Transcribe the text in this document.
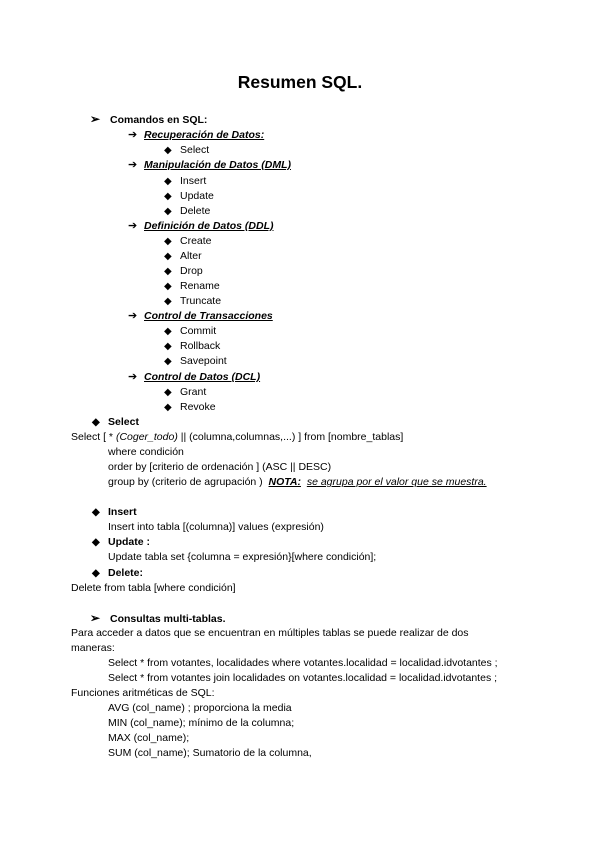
Resumen SQL.
➢ Comandos en SQL:
➔ Recuperación de Datos:
◆ Select
➔ Manipulación de Datos (DML)
◆ Insert
◆ Update
◆ Delete
➔ Definición de Datos (DDL)
◆ Create
◆ Alter
◆ Drop
◆ Rename
◆ Truncate
➔ Control de Transacciones
◆ Commit
◆ Rollback
◆ Savepoint
➔ Control de Datos (DCL)
◆ Grant
◆ Revoke
◆ Select
Select [ * (Coger_todo) || (columna,columnas,...) ] from [nombre_tablas]
where condición
order by [criterio de ordenación ] (ASC || DESC)
group by (criterio de agrupación ) NOTA: se agrupa por el valor que se muestra.
◆ Insert
Insert into tabla [(columna)] values (expresión)
◆ Update :
Update tabla set {columna = expresión}[where condición];
◆ Delete:
Delete from tabla [where condición]
➢ Consultas multi-tablas.
Para acceder a datos que se encuentran en múltiples tablas se puede realizar de dos
maneras:
Select * from votantes, localidades where votantes.localidad = localidad.idvotantes ;
Select * from votantes join localidades on votantes.localidad = localidad.idvotantes ;
Funciones aritméticas de SQL:
AVG (col_name) ; proporciona la media
MIN (col_name); mínimo de la columna;
MAX (col_name);
SUM (col_name); Sumatorio de la columna,
